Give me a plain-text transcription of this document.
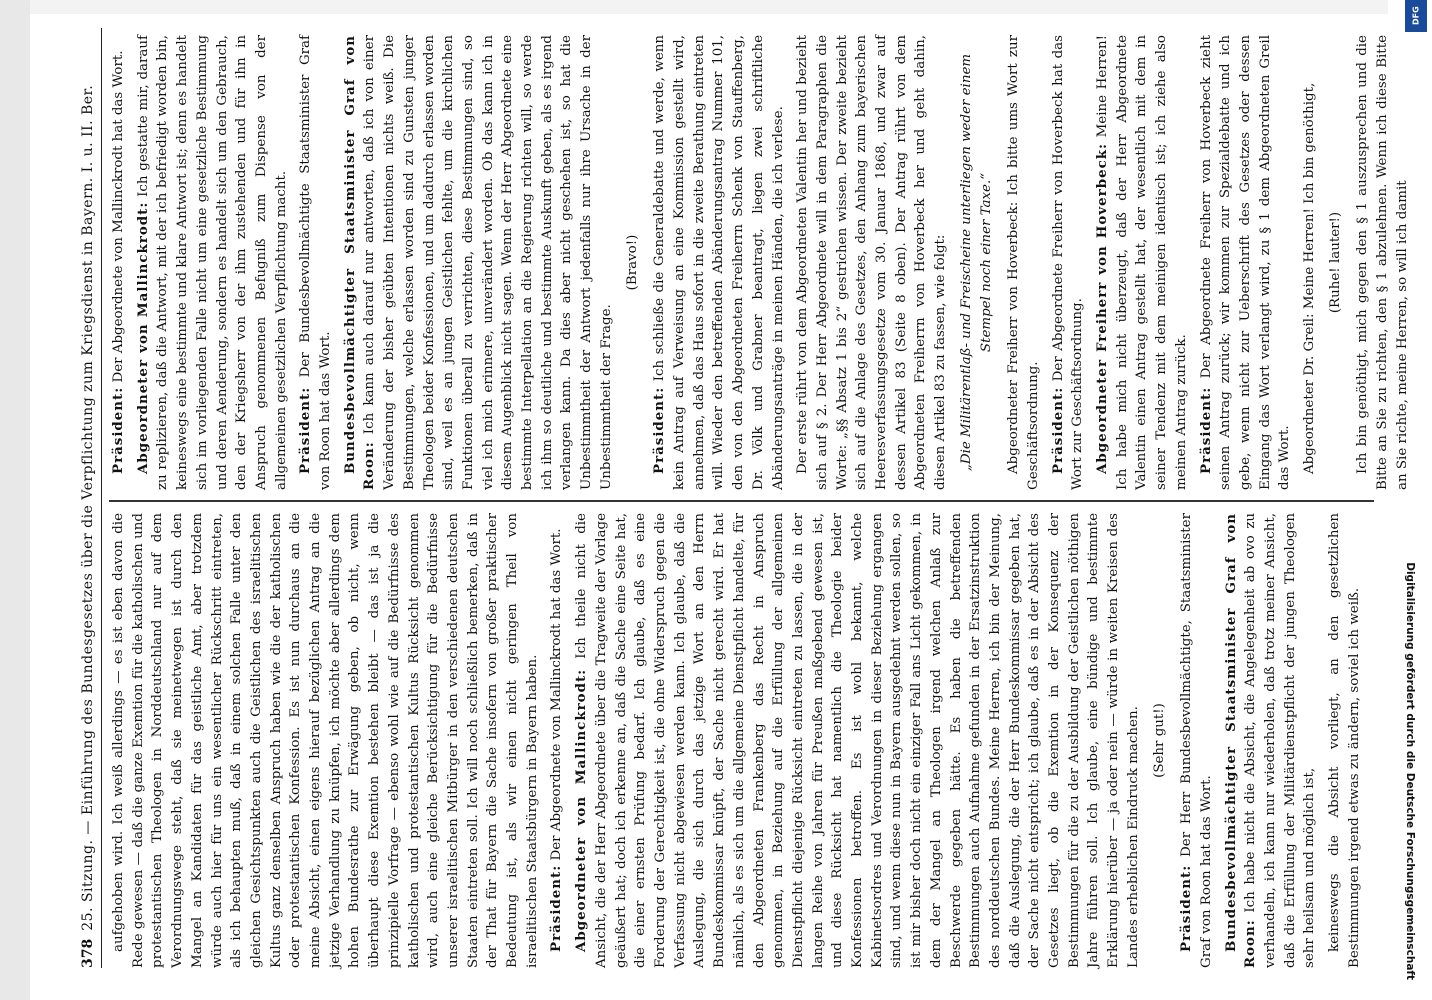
378
25. Sitzung. — Einführung des Bundesgesetzes über die Verpflichtung zum Kriegsdienst in Bayern. I. u. II. Ber. aufgehoben wird. Ich weiß allerdings — es ist eben davon die Rede gewesen — daß die ganze Exemtion für die katholischen und protestantischen Theologen in Norddeutschland nur auf dem Verordnungswege steht, daß sie meinetwegen ist durch den Mangel an Kandidaten für das geistliche Amt, aber trotzdem würde auch hier für uns ein wesentlicher Rückschritt eintreten, als ich behaupten muß, daß in einem solchen Falle unter den gleichen Gesichtspunkten auch die Geistlichen des israelitischen Kultus ganz denselben Anspruch haben wie die der katholischen oder protestantischen Konfession. Es ist nun durchaus an die meine Absicht, einen eigens hierauf bezüglichen Antrag an die jetzige Verhandlung zu knüpfen, ich möchte aber allerdings dem hohen Bundesrathe zur Erwägung geben, ob nicht, wenn überhaupt diese Exemtion bestehen bleibt — das ist ja die prinzipielle Vorfrage — ebenso wohl wie auf die Bedürfnisse des katholischen und protestantischen Kultus Rücksicht genommen wird, auch eine gleiche Berücksichtigung für die Bedürfnisse unserer israelitischen Mitbürger in den verschiedenen deutschen Staaten eintreten soll. Ich will noch schließlich bemerken, daß in der That für Bayern die Sache insofern von großer praktischer Bedeutung ist, als wir einen nicht geringen Theil von israelitischen Staatsbürgern in Bayern haben. Präsident: Der Abgeordnete von Mallinckrodt hat das Wort. Abgeordneter von Mallinckrodt: Ich theile nicht die Ansicht, die der Herr Abgeordnete über die Tragweite der Vorlage geäußert hat; doch ich erkenne an, daß die Sache eine Seite hat, die einer ernsten Prüfung bedarf. Ich glaube, daß es eine Forderung der Gerechtigkeit ist, die ohne Widerspruch gegen die Verfassung nicht abgewiesen werden kann. Ich glaube, daß die Auslegung, die sich durch das jetzige Wort an den Herrn Bundeskommissar knüpft, der Sache nicht gerecht wird. Er hat nämlich, als es sich um die allgemeine Dienstpflicht handelte, für den Abgeordneten Frankenberg das Recht in Anspruch genommen, in Beziehung auf die Erfüllung der allgemeinen Dienstpflicht diejenige Rücksicht eintreten zu lassen, die in der langen Reihe von Jahren für Preußen maßgebend gewesen ist, und diese Rücksicht hat namentlich die Theologie beider Konfessionen betroffen. Es ist wohl bekannt, welche Kabinetsordres und Verordnungen in dieser Beziehung ergangen sind, und wenn diese nun in Bayern ausgedehnt werden sollen, so ist mir bisher doch nicht ein einziger Fall ans Licht gekommen, in dem der Mangel an Theologen irgend welchen Anlaß zur Beschwerde gegeben hätte. Es haben die betreffenden Bestimmungen auch Aufnahme gefunden in der Ersatzinstruktion des norddeutschen Bundes. Meine Herren, ich bin der Meinung, daß die Auslegung, die der Herr Bundeskommissar gegeben hat, der Sache nicht entspricht; ich glaube, daß es in der Absicht des Gesetzes liegt, ob die Exemtion in der Konsequenz der Bestimmungen für die zu der Ausbildung der Geistlichen nöthigen Jahre führen soll. Ich glaube, eine bündige und bestimmte Erklärung hierüber — ja oder nein — würde in weiten Kreisen des Landes erheblichen Eindruck machen. (Sehr gut!)

Präsident: Der Herr Bundesbevollmächtigte, Staatsminister Graf von Roon hat das Wort. Bundesbevollmächtigter Staatsminister Graf von Roon: Ich habe nicht die Absicht, die Angelegenheit ab ovo zu verhandeln, ich kann nur wiederholen, daß trotz meiner Ansicht, daß die Erfüllung der Militärdienstpflicht der jungen Theologen sehr heilsam und möglich ist, keineswegs die Absicht vorliegt, an den gesetzlichen Bestimmungen irgend etwas zu ändern, soviel ich weiß.

Präsident: Der Abgeordnete von Mallinckrodt hat das Wort. Abgeordneter von Mallinckrodt: Ich gestatte mir, darauf zu replizieren, daß die Antwort, mit der ich befriedigt worden bin, keineswegs eine bestimmte und klare Antwort ist; denn es handelt sich im vorliegenden Falle nicht um eine gesetzliche Bestimmung und deren Aenderung, sondern es handelt sich um den Gebrauch, den der Kriegsherr von der ihm zustehenden und für ihn in Anspruch genommenen Befugniß zum Dispense von der allgemeinen gesetzlichen Verpflichtung macht. Präsident: Der Bundesbevollmächtigte Staatsminister Graf von Roon hat das Wort. Bundesbevollmächtigter Staatsminister Graf von Roon: Ich kann auch darauf nur antworten, daß ich von einer Veränderung der bisher geübten Intentionen nichts weiß. Die Bestimmungen, welche erlassen worden sind zu Gunsten junger Theologen beider Konfessionen, und um dadurch erlassen worden sind, weil es an jungen Geistlichen fehlte, um die kirchlichen Funktionen überall zu verrichten, diese Bestimmungen sind, so viel ich mich erinnere, unverändert worden. Ob das kann ich in diesem Augenblick nicht sagen. Wenn der Herr Abgeordnete eine bestimmte Interpellation an die Regierung richten will, so werde ich ihm so deutliche und bestimmte Auskunft geben, als es irgend verlangen kann. Da dies aber nicht geschehen ist, so hat die Unbestimmtheit der Antwort jedenfalls nur ihre Ursache in der Unbestimmtheit der Frage.

(Bravo!)

Präsident: Ich schließe die Generaldebatte und werde, wenn kein Antrag auf Verweisung an eine Kommission gestellt wird, annehmen, daß das Haus sofort in die zweite Berathung eintreten will. Wieder den betreffenden Abänderungsantrag Nummer 101, den von den Abgeordneten Freiherrn Schenk von Stauffenberg, Dr. Völk und Grabner beantragt, liegen zwei schriftliche Abänderungsanträge in meinen Händen, die ich verlese. Der erste rührt von dem Abgeordneten Valentin her und bezieht sich auf § 2. Der Herr Abgeordnete will in dem Paragraphen die Worte: „§§ Absatz 1 bis 2“ gestrichen wissen. Der zweite bezieht sich auf die Anlage des Gesetzes, den Anhang zum bayerischen Heeresverfassungsgesetze vom 30. Januar 1868, und zwar auf dessen Artikel 83 (Seite 8 oben). Der Antrag rührt von dem Abgeordneten Freiherrn von Hoverbeck her und geht dahin, diesen Artikel 83 zu fassen, wie folgt: „Die Militärentlaß- und Freischeine unterliegen weder einem Stempel noch einer Taxe.“

Abgeordneter Freiherr von Hoverbeck: Ich bitte ums Wort zur Geschäftsordnung. Präsident: Der Abgeordnete Freiherr von Hoverbeck hat das Wort zur Geschäftsordnung. Abgeordneter Freiherr von Hoverbeck: Meine Herren! Ich habe mich nicht überzeugt, daß der Herr Abgeordnete Valentin einen Antrag gestellt hat, der wesentlich mit dem in seiner Tendenz mit dem meinigen identisch ist; ich ziehe also meinen Antrag zurück. Präsident: Der Abgeordnete Freiherr von Hoverbeck zieht seinen Antrag zurück; wir kommen zur Spezialdebatte und ich gebe, wenn nicht zur Ueberschrift des Gesetzes oder dessen Eingang das Wort verlangt wird, zu § 1 dem Abgeordneten Greil das Wort. Abgeordneter Dr. Greil: Meine Herren! Ich bin genöthigt, (Ruhe! lauter!) Ich bin genöthigt, mich gegen den § 1 auszusprechen und die Bitte an Sie zu richten, den § 1 abzulehnen. Wenn ich diese Bitte an Sie richte, meine Herren, so will ich damit

DFG
Digitalisierung gefördert durch die Deutsche Forschungsgemeinschaft
